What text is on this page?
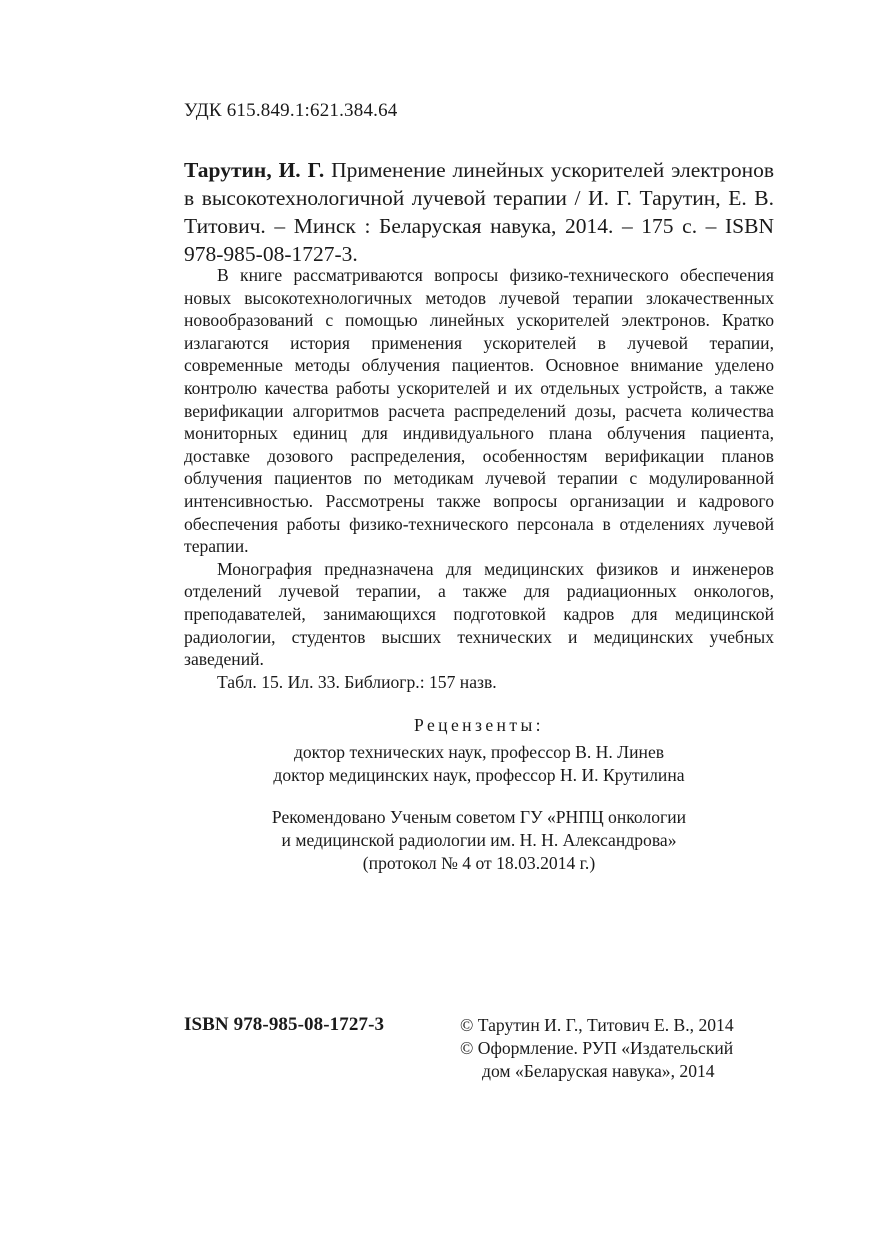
УДК 615.849.1:621.384.64
Тарутин, И. Г. Применение линейных ускорителей электронов в высокотехнологичной лучевой терапии / И. Г. Тарутин, Е. В. Титович. – Минск : Беларуская навука, 2014. – 175 с. – ISBN 978-985-08-1727-3.

В книге рассматриваются вопросы физико-технического обеспечения новых высокотехнологичных методов лучевой терапии злокачественных новообразований с помощью линейных ускорителей электронов. Кратко излагаются история применения ускорителей в лучевой терапии, современные методы облучения пациентов. Основное внимание уделено контролю качества работы ускорителей и их отдельных устройств, а также верификации алгоритмов расчета распределений дозы, расчета количества мониторных единиц для индивидуального плана облучения пациента, доставке дозового распределения, особенностям верификации планов облучения пациентов по методикам лучевой терапии с модулированной интенсивностью. Рассмотрены также вопросы организации и кадрового обеспечения работы физико-технического персонала в отделениях лучевой терапии.

Монография предназначена для медицинских физиков и инженеров отделений лучевой терапии, а также для радиационных онкологов, преподавателей, занимающихся подготовкой кадров для медицинской радиологии, студентов высших технических и медицинских учебных заведений.

Табл. 15. Ил. 33. Библиогр.: 157 назв.

Рецензенты:
доктор технических наук, профессор В. Н. Линев
доктор медицинских наук, профессор Н. И. Крутилина
Рекомендовано Ученым советом ГУ «РНПЦ онкологии
и медицинской радиологии им. Н. Н. Александрова»
(протокол № 4 от 18.03.2014 г.)
ISBN 978-985-08-1727-3	© Тарутин И. Г., Титович Е. В., 2014
© Оформление. РУП «Издательский
дом «Беларуская навука», 2014
